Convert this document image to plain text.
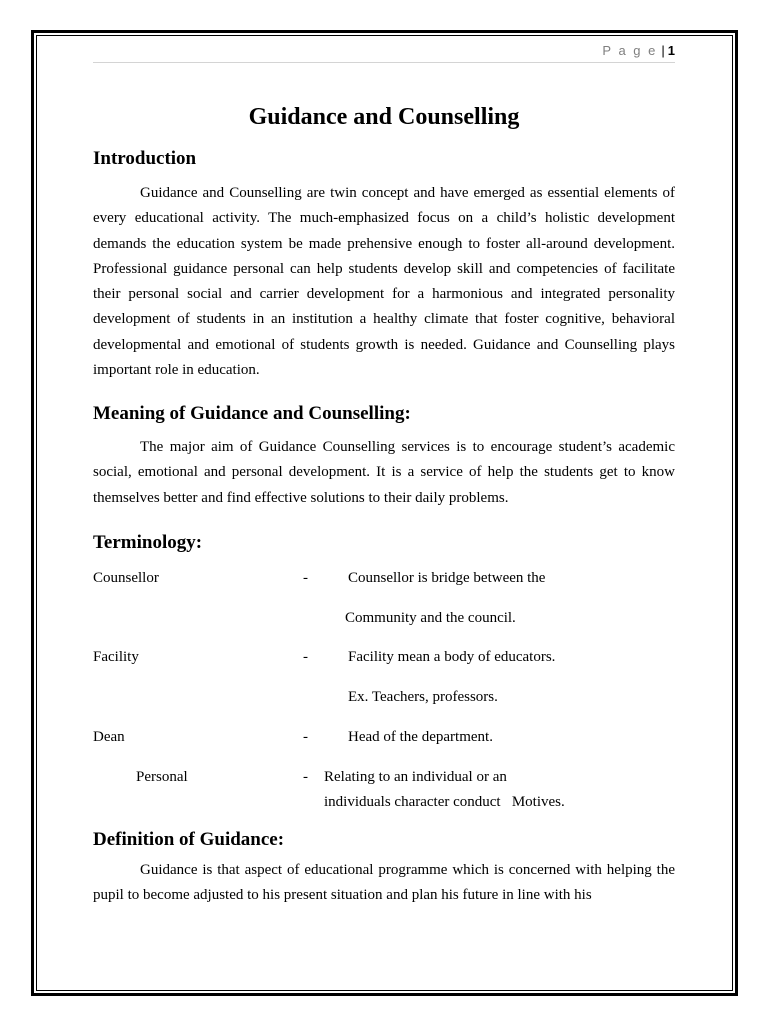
P a g e | 1
Guidance and Counselling
Introduction

Guidance and Counselling are twin concept and have emerged as essential elements of every educational activity. The much-emphasized focus on a child’s holistic development demands the education system be made prehensive enough to foster all-around development. Professional guidance personal can help students develop skill and competencies of facilitate their personal social and carrier development for a harmonious and integrated personality development of students in an institution a healthy climate that foster cognitive, behavioral developmental and emotional of students growth is needed. Guidance and Counselling plays important role in education.

Meaning of Guidance and Counselling:

The major aim of Guidance Counselling services is to encourage student’s academic social, emotional and personal development. It is a service of help the students get to know themselves better and find effective solutions to their daily problems.

Terminology:
Counsellor	-	Counsellor is bridge between the
Community and the council.
Facility	-	Facility mean a body of educators.
Ex. Teachers, professors.
Dean	-	Head of the department.
Personal	- Relating to an individual or an
individuals character conduct   Motives.
Definition of Guidance:

Guidance is that aspect of educational programme which is concerned with helping the pupil to become adjusted to his present situation and plan his future in line with his
